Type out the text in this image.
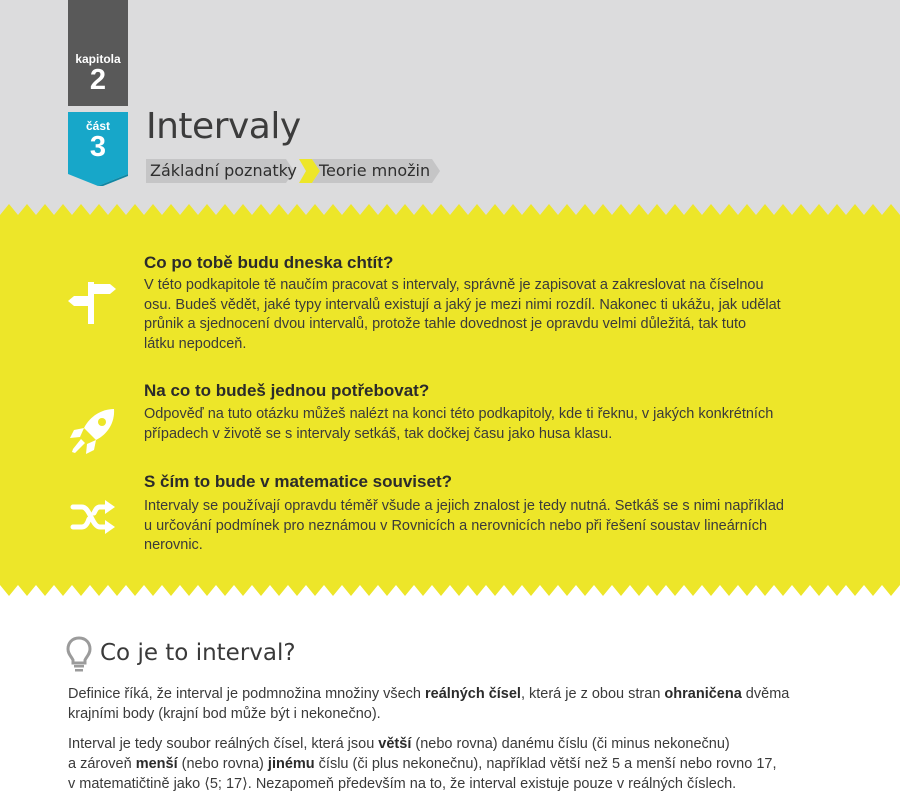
kapitola
2
část
3	Intervaly
Základní poznatky Teorie množin
Co po tobě budu dneska chtít?
V této podkapitole tě naučím pracovat s intervaly, správně je zapisovat a zakreslovat na číselnou
osu. Budeš vědět, jaké typy intervalů existují a jaký je mezi nimi rozdíl. Nakonec ti ukážu, jak udělat
průnik a sjednocení dvou intervalů, protože tahle dovednost je opravdu velmi důležitá, tak tuto
látku nepodceň.
Na co to budeš jednou potřebovat?
Odpověď na tuto otázku můžeš nalézt na konci této podkapitoly, kde ti řeknu, v jakých konkrétních
případech v životě se s intervaly setkáš, tak dočkej času jako husa klasu.
S čím to bude v matematice souviset?
Intervaly se používají opravdu téměř všude a jejich znalost je tedy nutná. Setkáš se s nimi například
u určování podmínek pro neznámou v Rovnicích a nerovnicích nebo při řešení soustav lineárních
nerovnic.
Co je to interval?
Definice říká, že interval je podmnožina množiny všech reálných čísel, která je z obou stran ohraničena dvěma
krajními body (krajní bod může být i nekonečno).
Interval je tedy soubor reálných čísel, která jsou větší (nebo rovna) danému číslu (či minus nekonečnu)
a zároveň menší (nebo rovna) jinému číslu (či plus nekonečnu), například větší než 5 a menší nebo rovno 17,
v matematičtině jako ⟨5; 17⟩. Nezapomeň především na to, že interval existuje pouze v reálných číslech.
